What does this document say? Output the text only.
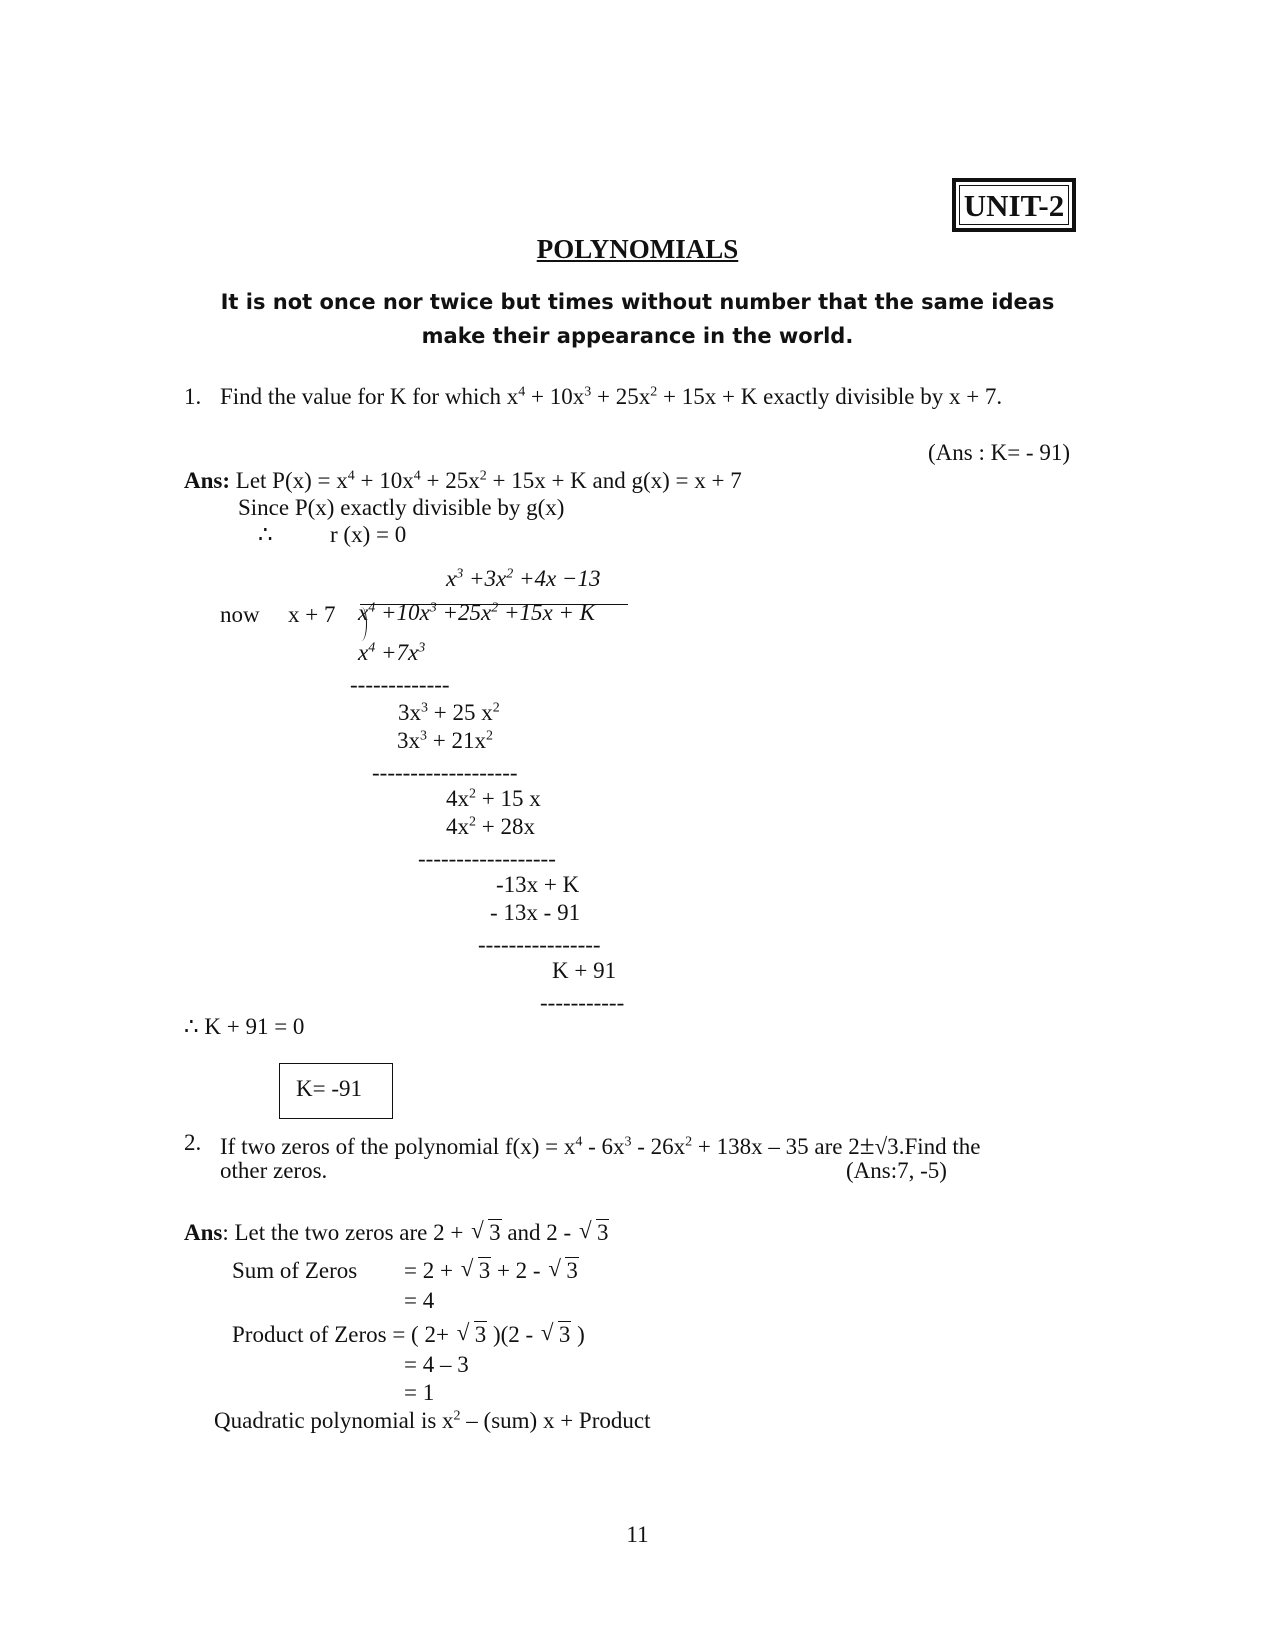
UNIT-2
POLYNOMIALS
It is not once nor twice but times without number that the same ideas
make their appearance in the world.
1. Find the value for K for which $x^4 + 10x^3 + 25x^2 + 15x + K$ exactly divisible by x + 7.
(Ans : K= - 91)
Ans: Let $P(x) = x^4 + 10x^4 + 25x^2 + 15x + K$ and g(x) = x + 7
Since P(x) exactly divisible by g(x)
∴ r (x) = 0
$x^3 +3x^2 +4x -13$
now x + 7 $x^4 +10x^3 +25x^2 +15x + K$
$x^4 +7x^3$
-------------
$3x^3 + 25$ $x^2$
$3x^3 + 21x^2$
-------------------
$4x^2 + 15$ x
$4x^2 + 28x$
------------------
-13x + K
- 13x - 91
----------------
K + 91
-----------
∴ K + 91 = 0
K= -91
2. If two zeros of the polynomial $f(x) = x^4 - 6x^3 - 26x^2 + 138x - 35$ are 2±√3.Find the
other zeros.	(Ans:7, -5)
Ans: Let the two zeros are 2 + √ 3 and 2 - √ 3
Sum of Zeros = 2 + √ 3 + 2 - √ 3
= 4
Product of Zeros = ( 2+ √ 3 )(2 - √ 3 )
= 4 – 3
= 1
Quadratic polynomial is $x^2 - (sum) x$ + Product
11
